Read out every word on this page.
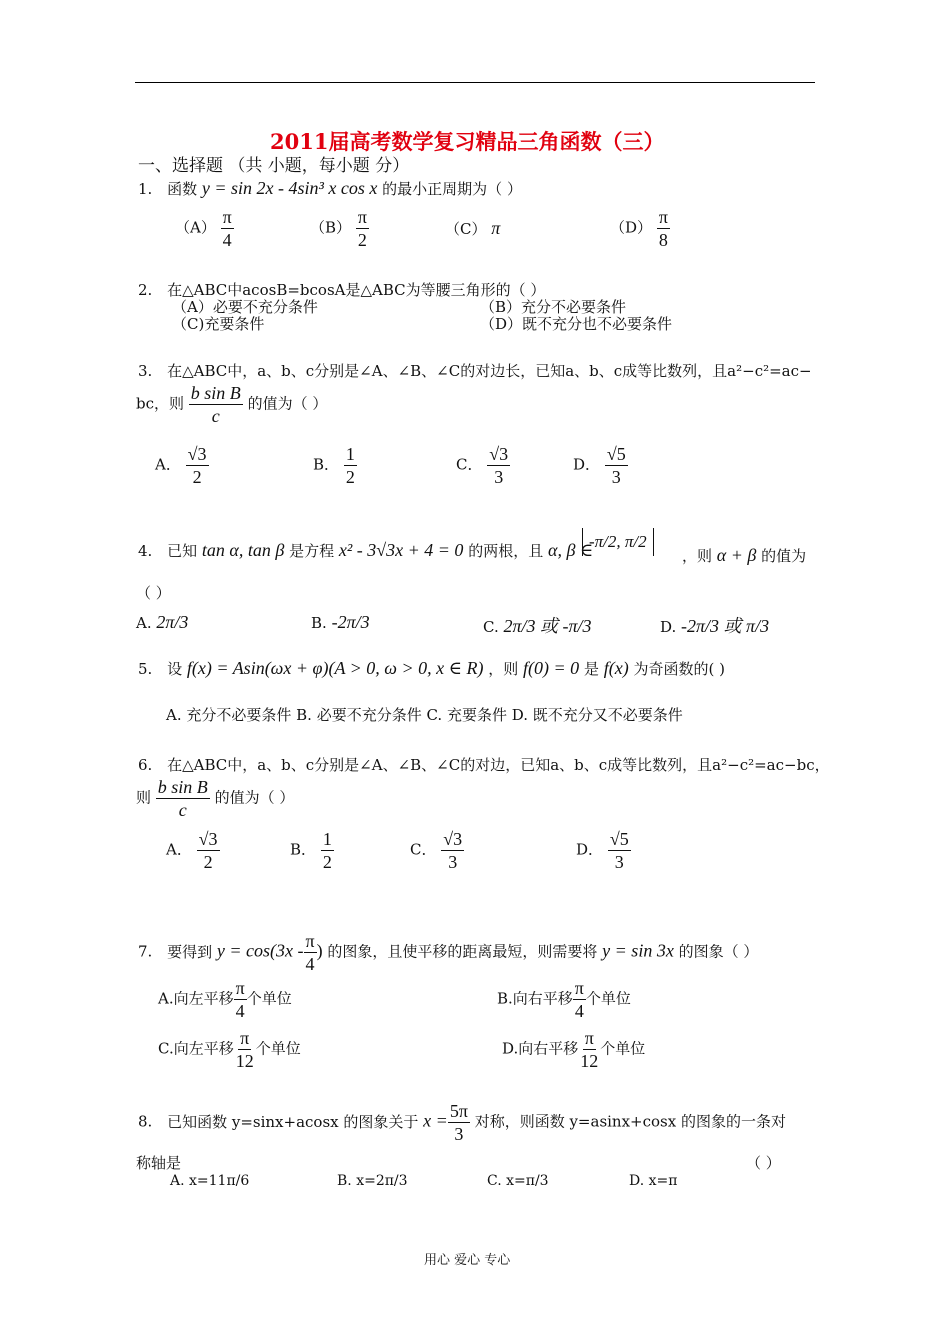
2011届高考数学复习精品三角函数（三）
一、选择题 （共 小题，每小题 分）
1. 函数 y = sin 2x - 4sin³ x cos x 的最小正周期为（ ）
$(A) \frac{\pi}{4}$	$(B) \frac{\pi}{2}$	（C） π	$(D) \frac{\pi}{8}$
2. 在△ABC中acosB=bcosA是△ABC为等腰三角形的（ ）
（A）必要不充分条件	（B）充分不必要条件
（C)充要条件	（D）既不充分也不必要条件
3. 在△ABC中，a、b、c分别是∠A、∠B、∠C的对边长，已知a、b、c成等比数列，且a²−c²=ac−
bc，则 $\frac{\text{b sin B}}{c}$ 的值为（ ）
A． $\frac{√3}{2}$	B． $\frac{1}{2}$	C． $\frac{√3}{3}$	D． $\frac{√5}{3}$
4. 已知 tan α, tan β 是方程 x² - 3√3x + 4 = 0 的两根，且 α, β ∈
-π/2, π/2
，则 α + β 的值为
（ ）
A. 2π/3	B. -2π/3	C. 2π/3 或 -π/3	D. -2π/3 或 π/3
5. 设 f(x) = Asin(ωx + φ)(A > 0, ω > 0, x ∈ R) ，则 f(0) = 0 是 f(x) 为奇函数的( )
A. 充分不必要条件 B. 必要不充分条件 C. 充要条件 D. 既不充分又不必要条件
6. 在△ABC中，a、b、c分别是∠A、∠B、∠C的对边，已知a、b、c成等比数列，且a²−c²=ac−bc，
则 $\frac{\text{b sin B}}{c}$ 的值为（ ）
A． $\frac{√3}{2}$	B． $\frac{1}{2}$	C． $\frac{√3}{3}$	D． $\frac{√5}{3}$
7. 要得到 $y = \cos(3x - \frac{\pi}{4}$ ) 的图象，且使平移的距离最短，则需要将 y = sin 3x 的图象（ ）
A.向左平移 $\frac{\pi}{4}$ 个单位	B.向右平移 $\frac{\pi}{4}$ 个单位
C.向左平移 $\frac{\pi}{12}$ 个单位	D.向右平移 $\frac{\pi}{12}$ 个单位
8. 已知函数 y=sinx+acosx 的图象关于 $x = \frac{5\pi}{3}$ 对称，则函数 y=asinx+cosx 的图象的一条对
称轴是	（ ）
A. x=11π/6	B. x=2π/3	C. x=π/3	D. x=π
用心 爱心 专心
